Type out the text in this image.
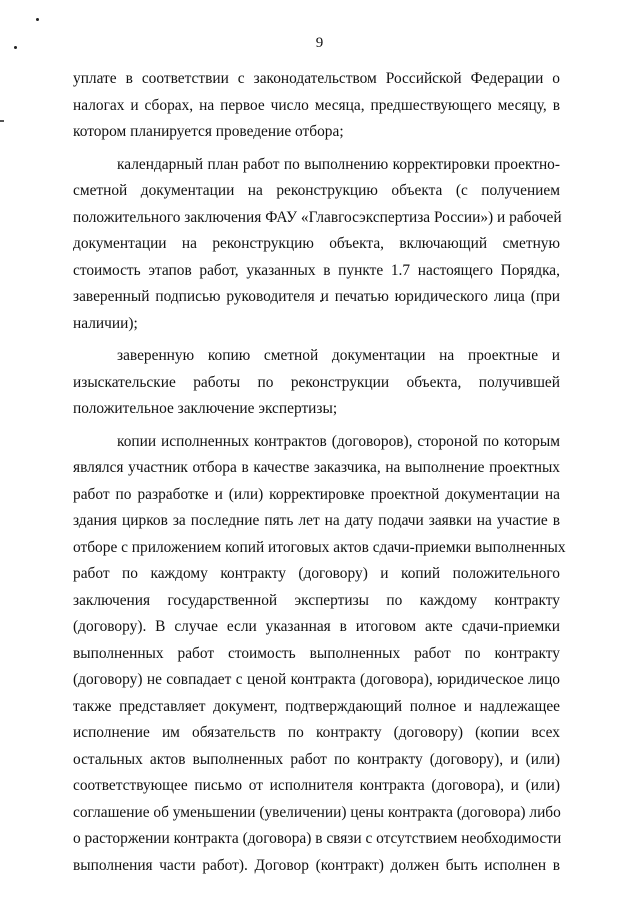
9
уплате в соответствии с законодательством Российской Федерации о
налогах и сборах, на первое число месяца, предшествующего месяцу, в
котором планируется проведение отбора;
календарный план работ по выполнению корректировки проектно-
сметной документации на реконструкцию объекта (с получением
положительного заключения ФАУ «Главгосэкспертиза России») и рабочей
документации на реконструкцию объекта, включающий сметную
стоимость этапов работ, указанных в пункте 1.7 настоящего Порядка,
заверенный подписью руководителя и печатью юридического лица (при
наличии);
заверенную копию сметной документации на проектные и
изыскательские работы по реконструкции объекта, получившей
положительное заключение экспертизы;
копии исполненных контрактов (договоров), стороной по которым
являлся участник отбора в качестве заказчика, на выполнение проектных
работ по разработке и (или) корректировке проектной документации на
здания цирков за последние пять лет на дату подачи заявки на участие в
отборе с приложением копий итоговых актов сдачи-приемки выполненных
работ по каждому контракту (договору) и копий положительного
заключения государственной экспертизы по каждому контракту
(договору). В случае если указанная в итоговом акте сдачи-приемки
выполненных работ стоимость выполненных работ по контракту
(договору) не совпадает с ценой контракта (договора), юридическое лицо
также представляет документ, подтверждающий полное и надлежащее
исполнение им обязательств по контракту (договору) (копии всех
остальных актов выполненных работ по контракту (договору), и (или)
соответствующее письмо от исполнителя контракта (договора), и (или)
соглашение об уменьшении (увеличении) цены контракта (договора) либо
о расторжении контракта (договора) в связи с отсутствием необходимости
выполнения части работ). Договор (контракт) должен быть исполнен в
